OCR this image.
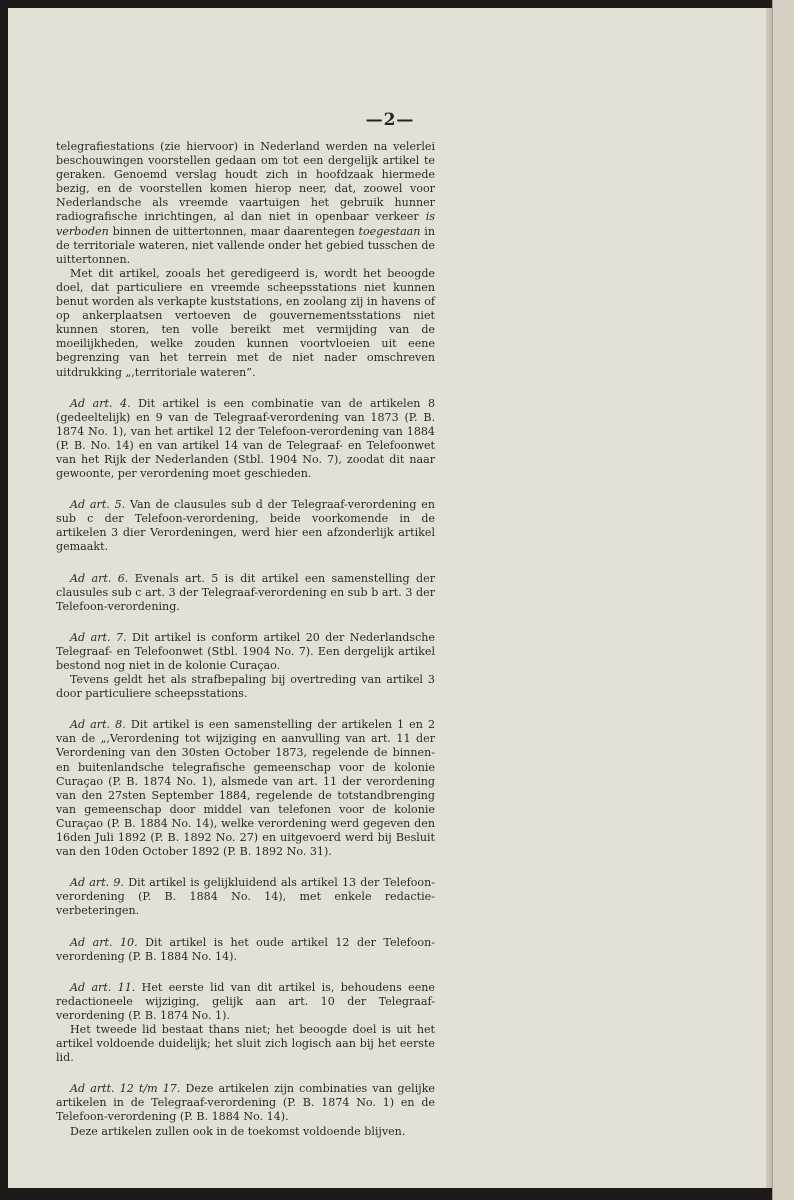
—2—

telegrafiestations (zie hiervoor) in Nederland werden na velerlei beschouwingen voorstellen gedaan om tot een dergelijk artikel te geraken. Genoemd verslag houdt zich in hoofdzaak hiermede bezig, en de voorstellen komen hierop neer, dat, zoowel voor Nederlandsche als vreemde vaartuigen het gebruik hunner radiografische inrichtingen, al dan niet in openbaar verkeer is verboden binnen de uittertonnen, maar daarentegen toegestaan in de territoriale wateren, niet vallende onder het gebied tusschen de uittertonnen.

Met dit artikel, zooals het geredigeerd is, wordt het beoogde doel, dat particuliere en vreemde scheepsstations niet kunnen benut worden als verkapte kuststations, en zoolang zij in havens of op ankerplaatsen vertoeven de gouvernementsstations niet kunnen storen, ten volle bereikt met vermijding van de moeilijkheden, welke zouden kunnen voortvloeien uit eene begrenzing van het terrein met de niet nader omschreven uitdrukking „,territoriale wateren”.

Ad art. 4. Dit artikel is een combinatie van de artikelen 8 (gedeeltelijk) en 9 van de Telegraaf-verordening van 1873 (P. B. 1874 No. 1), van het artikel 12 der Telefoon-verordening van 1884 (P. B. No. 14) en van artikel 14 van de Telegraaf- en Telefoonwet van het Rijk der Nederlanden (Stbl. 1904 No. 7), zoodat dit naar gewoonte, per verordening moet geschieden.

Ad art. 5. Van de clausules sub d der Telegraaf-verordening en sub c der Telefoon-verordening, beide voorkomende in de artikelen 3 dier Verordeningen, werd hier een afzonderlijk artikel gemaakt.

Ad art. 6. Evenals art. 5 is dit artikel een samenstelling der clausules sub c art. 3 der Telegraaf-verordening en sub b art. 3 der Telefoon-verordening.

Ad art. 7. Dit artikel is conform artikel 20 der Nederlandsche Telegraaf- en Telefoonwet (Stbl. 1904 No. 7). Een dergelijk artikel bestond nog niet in de kolonie Curaçao.

Tevens geldt het als strafbepaling bij overtreding van artikel 3 door particuliere scheepsstations.

Ad art. 8. Dit artikel is een samenstelling der artikelen 1 en 2 van de „,Verordening tot wijziging en aanvulling van art. 11 der Verordening van den 30sten October 1873, regelende de binnen- en buitenlandsche telegrafische gemeenschap voor de kolonie Curaçao (P. B. 1874 No. 1), alsmede van art. 11 der verordening van den 27sten September 1884, regelende de totstandbrenging van gemeenschap door middel van telefonen voor de kolonie Curaçao (P. B. 1884 No. 14), welke verordening werd gegeven den 16den Juli 1892 (P. B. 1892 No. 27) en uitgevoerd werd bij Besluit van den 10den October 1892 (P. B. 1892 No. 31).

Ad art. 9. Dit artikel is gelijkluidend als artikel 13 der Telefoon-verordening (P. B. 1884 No. 14), met enkele redactie-verbeteringen.

Ad art. 10. Dit artikel is het oude artikel 12 der Telefoon-verordening (P. B. 1884 No. 14).

Ad art. 11. Het eerste lid van dit artikel is, behoudens eene redactioneele wijziging, gelijk aan art. 10 der Telegraaf-verordening (P. B. 1874 No. 1).

Het tweede lid bestaat thans niet; het beoogde doel is uit het artikel voldoende duidelijk; het sluit zich logisch aan bij het eerste lid.

Ad artt. 12 t/m 17. Deze artikelen zijn combinaties van gelijke artikelen in de Telegraaf-verordening (P. B. 1874 No. 1) en de Telefoon-verordening (P. B. 1884 No. 14).

Deze artikelen zullen ook in de toekomst voldoende blijven.
